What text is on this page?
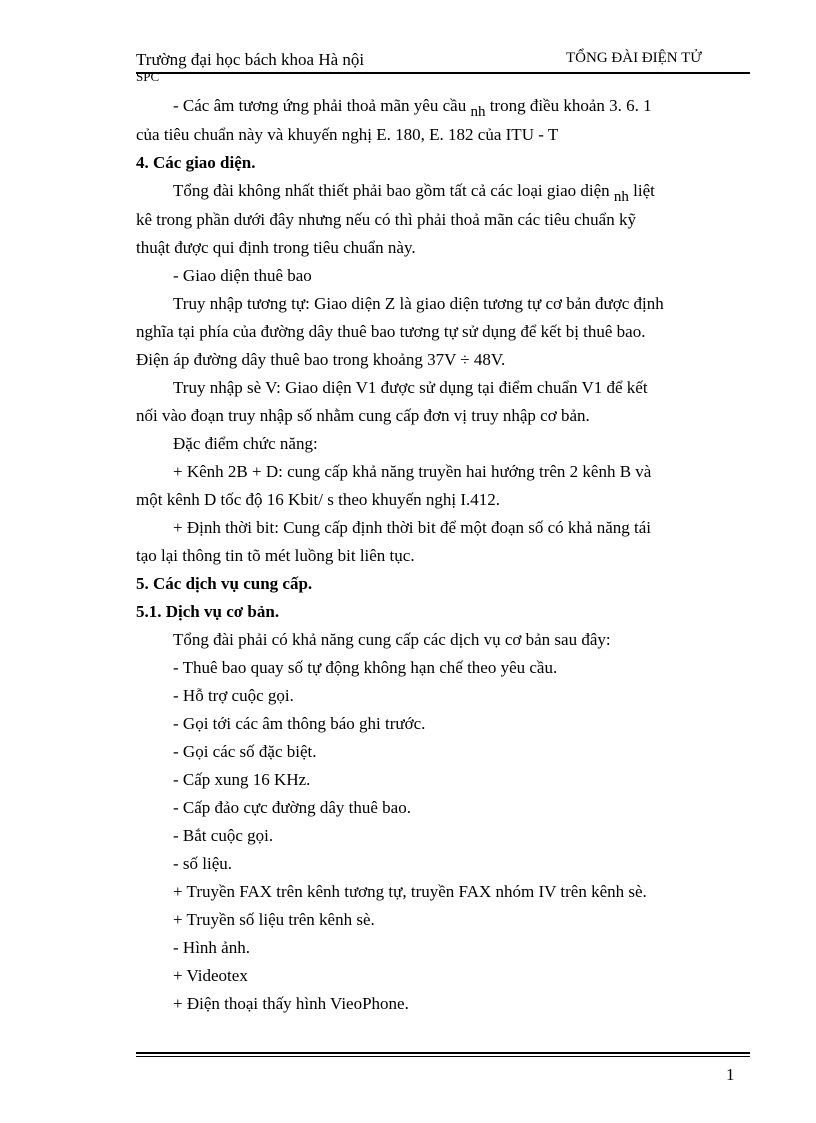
Trường đại học bách khoa Hà nội	TỔNG ĐÀI ĐIỆN TỬ
SPC

- Các âm tương ứng phải thoả mãn yêu cầu nh trong điều khoản 3. 6. 1

của tiêu chuẩn này và khuyến nghị E. 180, E. 182 của ITU - T

4. Các giao diện.

Tổng đài không nhất thiết phải bao gồm tất cả các loại giao diện nh liệt

kê trong phần dưới đây nhưng nếu có thì phải thoả mãn các tiêu chuẩn kỹ

thuật được qui định trong tiêu chuẩn này.

- Giao diện thuê bao

Truy nhập tương tự: Giao diện Z là giao diện tương tự cơ bản được định

nghĩa tại phía của đường dây thuê bao tương tự sử dụng để kết bị thuê bao.

Điện áp đường dây thuê bao trong khoảng 37V ÷ 48V.

Truy nhập sè V: Giao diện V1 được sử dụng tại điểm chuẩn V1 để kết

nối vào đoạn truy nhập số nhằm cung cấp đơn vị truy nhập cơ bản.

Đặc điểm chức năng:

+ Kênh 2B + D: cung cấp khả năng truyền hai hướng trên 2 kênh B và

một kênh D tốc độ 16 Kbit/ s theo khuyến nghị I.412.

+ Định thời bit: Cung cấp định thời bit để một đoạn số có khả năng tái

tạo lại thông tin tõ mét luồng bit liên tục.

5. Các dịch vụ cung cấp.

5.1. Dịch vụ cơ bản.

Tổng đài phải có khả năng cung cấp các dịch vụ cơ bản sau đây:

- Thuê bao quay số tự động không hạn chế theo yêu cầu.

- Hỗ trợ cuộc gọi.

- Gọi tới các âm thông báo ghi trước.

- Gọi các số đặc biệt.

- Cấp xung 16 KHz.

- Cấp đảo cực đường dây thuê bao.

- Bắt cuộc gọi.

- số liệu.

+ Truyền FAX trên kênh tương tự, truyền FAX nhóm IV trên kênh sè.

+ Truyền số liệu trên kênh sè.

- Hình ảnh.

+ Videotex

+ Điện thoại thấy hình VieoPhone.

1
